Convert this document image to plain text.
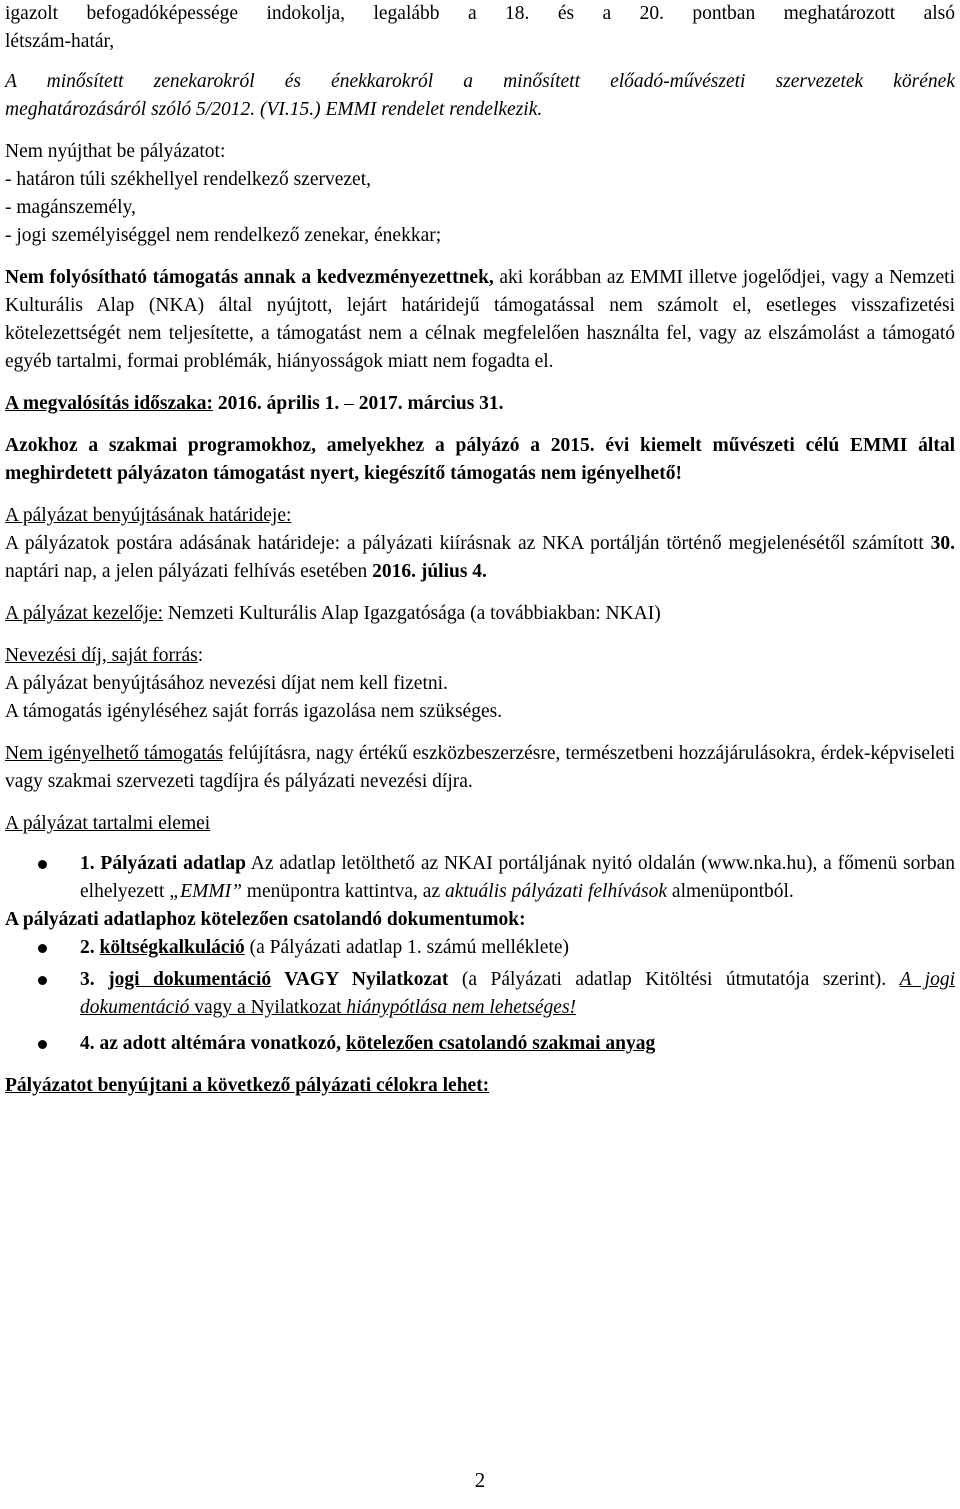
igazolt befogadóképessége indokolja, legalább a 18. és a 20. pontban meghatározott alsó

létszám-határ,

A minősített zenekarokról és énekkarokról a minősített előadó-művészeti szervezetek körének

meghatározásáról szóló 5/2012. (VI.15.) EMMI rendelet rendelkezik.

Nem nyújthat be pályázatot:

- határon túli székhellyel rendelkező szervezet,

- magánszemély,

- jogi személyiséggel nem rendelkező zenekar, énekkar;

Nem folyósítható támogatás annak a kedvezményezettnek, aki korábban az EMMI illetve jogelődjei, vagy a Nemzeti Kulturális Alap (NKA) által nyújtott, lejárt határidejű támogatással nem számolt el, esetleges visszafizetési kötelezettségét nem teljesítette, a támogatást nem a célnak megfelelően használta fel, vagy az elszámolást a támogató egyéb tartalmi, formai problémák, hiányosságok miatt nem fogadta el.

A megvalósítás időszaka: 2016. április 1. – 2017. március 31.

Azokhoz a szakmai programokhoz, amelyekhez a pályázó a 2015. évi kiemelt művészeti célú EMMI által meghirdetett pályázaton támogatást nyert, kiegészítő támogatás nem igényelhető!

A pályázat benyújtásának határideje:

A pályázatok postára adásának határideje: a pályázati kiírásnak az NKA portálján történő megjelenésétől számított 30. naptári nap, a jelen pályázati felhívás esetében 2016. július 4.

A pályázat kezelője: Nemzeti Kulturális Alap Igazgatósága (a továbbiakban: NKAI)

Nevezési díj, saját forrás:

A pályázat benyújtásához nevezési díjat nem kell fizetni.

A támogatás igényléséhez saját forrás igazolása nem szükséges.

Nem igényelhető támogatás felújításra, nagy értékű eszközbeszerzésre, természetbeni hozzájárulásokra, érdek-képviseleti vagy szakmai szervezeti tagdíjra és pályázati nevezési díjra.

A pályázat tartalmi elemei

1. Pályázati adatlap Az adatlap letölthető az NKAI portáljának nyitó oldalán (www.nka.hu), a főmenü sorban elhelyezett „EMMI” menüpontra kattintva, az aktuális pályázati felhívások almenüpontból.

A pályázati adatlaphoz kötelezően csatolandó dokumentumok:

2. költségkalkuláció (a Pályázati adatlap 1. számú melléklete)
3. jogi dokumentáció VAGY Nyilatkozat (a Pályázati adatlap Kitöltési útmutatója szerint). A jogi dokumentáció vagy a Nyilatkozat hiánypótlása nem lehetséges!
4. az adott altémára vonatkozó, kötelezően csatolandó szakmai anyag

Pályázatot benyújtani a következő pályázati célokra lehet:

2
